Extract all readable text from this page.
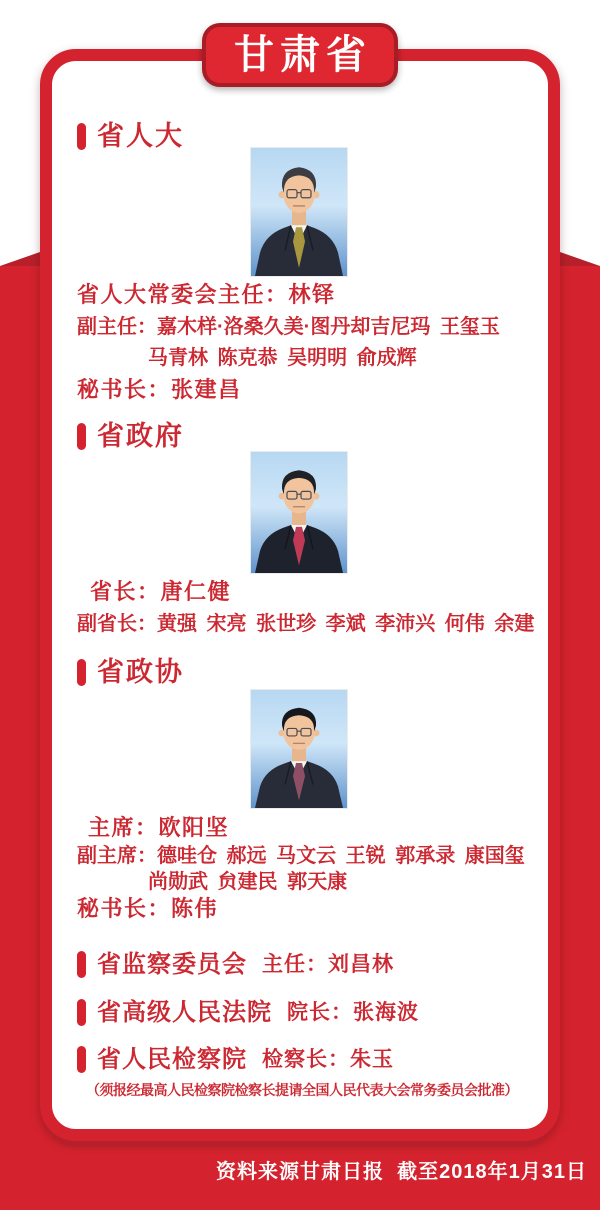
甘肃省
省人大
省人大常委会主任：林铎
副主任：嘉木样·洛桑久美·图丹却吉尼玛 王玺玉
马青林 陈克恭 吴明明 俞成辉
秘书长：张建昌
省政府
省长：唐仁健
副省长：黄强 宋亮 张世珍 李斌 李沛兴 何伟 余建
省政协
主席：欧阳坚
副主席：德哇仓 郝远 马文云 王锐 郭承录 康国玺
尚勋武 贠建民 郭天康
秘书长：陈伟
省监察委员会 主任：刘昌林
省高级人民法院 院长：张海波
省人民检察院 检察长：朱玉
（须报经最高人民检察院检察长提请全国人民代表大会常务委员会批准）
资料来源甘肃日报  截至2018年1月31日
